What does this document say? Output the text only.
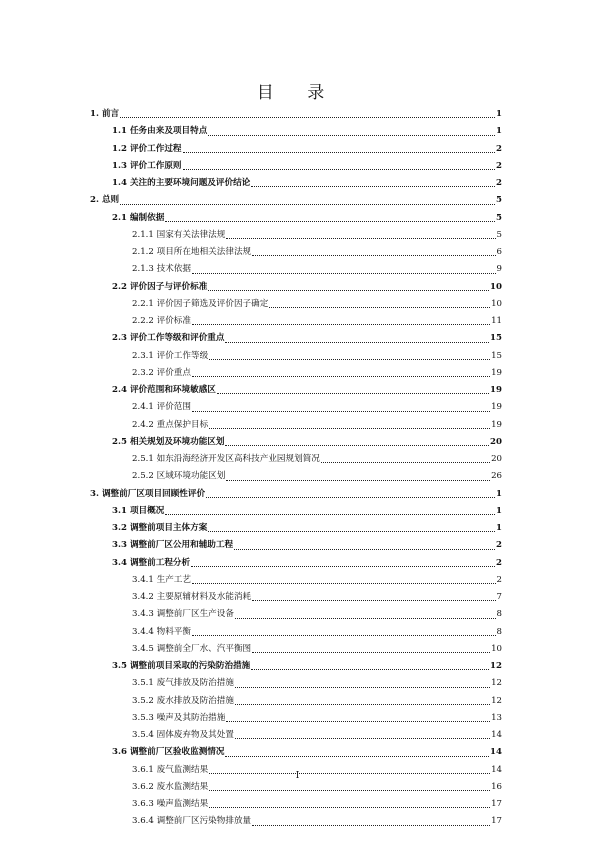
目 录
1. 前言	1
1.1 任务由来及项目特点	1
1.2 评价工作过程	2
1.3 评价工作原则	2
1.4 关注的主要环境问题及评价结论	2
2. 总则	5
2.1 编制依据	5
2.1.1 国家有关法律法规	5
2.1.2 项目所在地相关法律法规	6
2.1.3 技术依据	9
2.2 评价因子与评价标准	10
2.2.1 评价因子筛选及评价因子确定	10
2.2.2 评价标准	11
2.3 评价工作等级和评价重点	15
2.3.1 评价工作等级	15
2.3.2 评价重点	19
2.4 评价范围和环境敏感区	19
2.4.1 评价范围	19
2.4.2 重点保护目标	19
2.5 相关规划及环境功能区划	20
2.5.1 如东沿海经济开发区高科技产业园规划简况	20
2.5.2 区域环境功能区划	26
3. 调整前厂区项目回顾性评价	1
3.1 项目概况	1
3.2 调整前项目主体方案	1
3.3 调整前厂区公用和辅助工程	2
3.4 调整前工程分析	2
3.4.1 生产工艺	2
3.4.2 主要原辅材料及水能消耗	7
3.4.3 调整前厂区生产设备	8
3.4.4 物料平衡	8
3.4.5 调整前全厂水、汽平衡图	10
3.5 调整前项目采取的污染防治措施	12
3.5.1 废气排放及防治措施	12
3.5.2 废水排放及防治措施	12
3.5.3 噪声及其防治措施	13
3.5.4 固体废弃物及其处置	14
3.6 调整前厂区验收监测情况	14
3.6.1 废气监测结果	14
3.6.2 废水监测结果	16
3.6.3 噪声监测结果	17
3.6.4 调整前厂区污染物排放量	17
I
